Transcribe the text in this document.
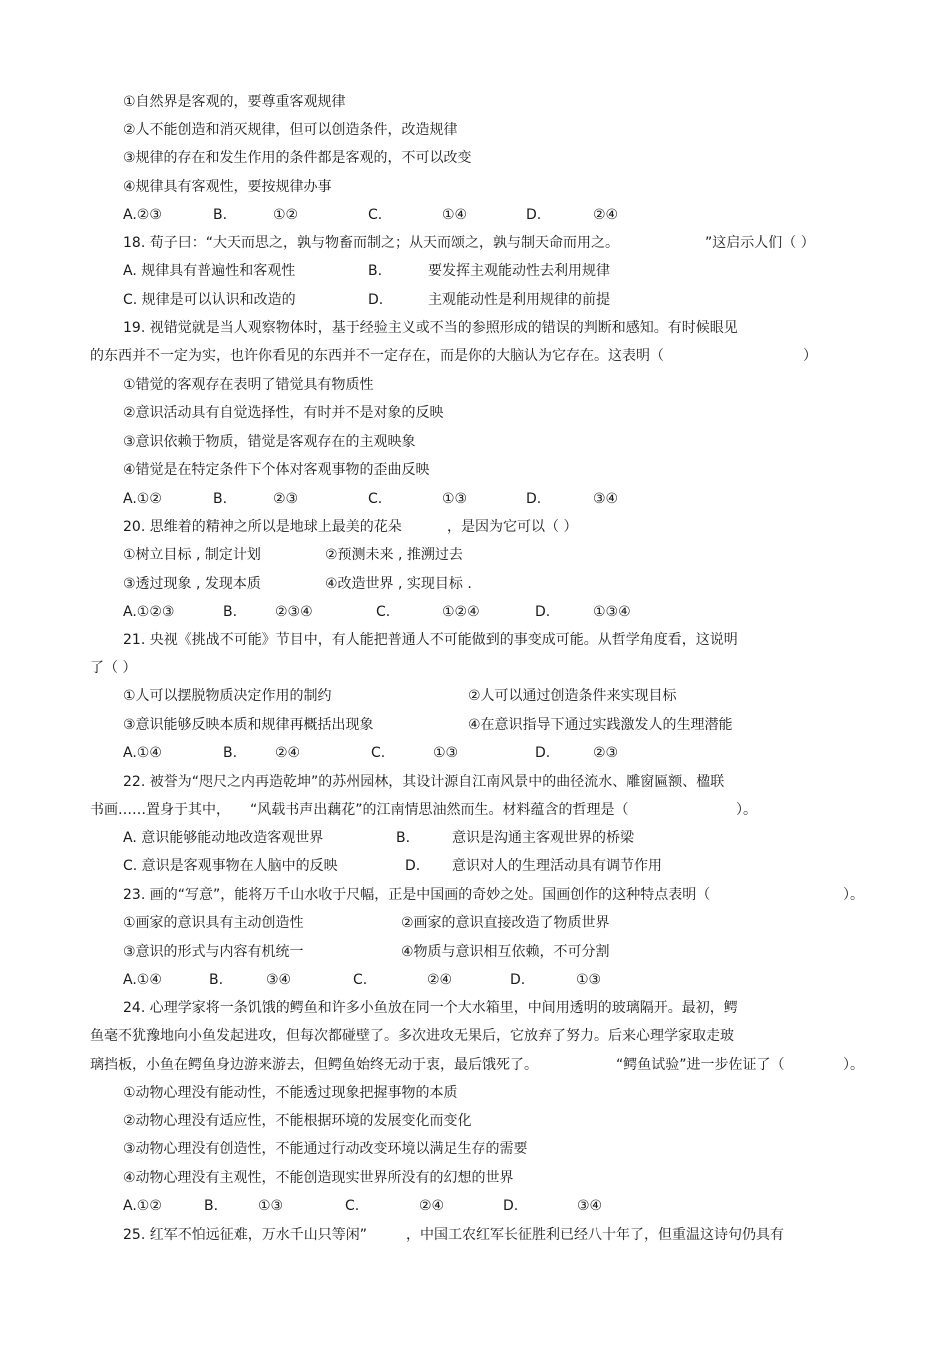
①自然界是客观的，要尊重客观规律
②人不能创造和消灭规律，但可以创造条件，改造规律
③规律的存在和发生作用的条件都是客观的，不可以改变
④规律具有客观性，要按规律办事
A.②③	B.	①②	C.	①④	D.	②④
18. 荀子曰：“大天而思之，孰与物畜而制之；从天而颂之，孰与制天命而用之。	”这启示人们（ ）
A. 规律具有普遍性和客观性	B.	要发挥主观能动性去利用规律
C. 规律是可以认识和改造的	D.	主观能动性是利用规律的前提
19. 视错觉就是当人观察物体时，基于经验主义或不当的参照形成的错误的判断和感知。有时候眼见
的东西并不一定为实，也许你看见的东西并不一定存在，而是你的大脑认为它存在。这表明（	）
①错觉的客观存在表明了错觉具有物质性
②意识活动具有自觉选择性，有时并不是对象的反映
③意识依赖于物质，错觉是客观存在的主观映象
④错觉是在特定条件下个体对客观事物的歪曲反映
A.①②	B.	②③	C.	①③	D.	③④
20. 思维着的精神之所以是地球上最美的花朵	，是因为它可以（ ）
①树立目标 , 制定计划	②预测未来 , 推溯过去
③透过现象 , 发现本质	④改造世界 , 实现目标 .
A.①②③	B.	②③④	C.	①②④	D.	①③④
21. 央视《挑战不可能》节目中，有人能把普通人不可能做到的事变成可能。从哲学角度看，这说明
了（ ）
①人可以摆脱物质决定作用的制约	②人可以通过创造条件来实现目标
③意识能够反映本质和规律再概括出现象	④在意识指导下通过实践激发人的生理潜能
A.①④	B.	②④	C.	①③	D.	②③
22. 被誉为“咫尺之内再造乾坤”的苏州园林，其设计源自江南风景中的曲径流水、雕窗匾额、楹联
书画……置身于其中， “风载书声出藕花”的江南情思油然而生。材料蕴含的哲理是（	）。
A. 意识能够能动地改造客观世界	B.	意识是沟通主客观世界的桥梁
C. 意识是客观事物在人脑中的反映	D. 意识对人的生理活动具有调节作用
23. 画的“写意”，能将万千山水收于尺幅，正是中国画的奇妙之处。国画创作的这种特点表明（	）。
①画家的意识具有主动创造性	②画家的意识直接改造了物质世界
③意识的形式与内容有机统一	④物质与意识相互依赖，不可分割
A.①④	B.	③④	C.	②④	D.	①③
24. 心理学家将一条饥饿的鳄鱼和许多小鱼放在同一个大水箱里，中间用透明的玻璃隔开。最初，鳄
鱼毫不犹豫地向小鱼发起进攻，但每次都碰壁了。多次进攻无果后，它放弃了努力。后来心理学家取走玻
璃挡板，小鱼在鳄鱼身边游来游去，但鳄鱼始终无动于衷，最后饿死了。	“鳄鱼试验”进一步佐证了（	）。
①动物心理没有能动性，不能透过现象把握事物的本质
②动物心理没有适应性，不能根据环境的发展变化而变化
③动物心理没有创造性，不能通过行动改变环境以满足生存的需要
④动物心理没有主观性，不能创造现实世界所没有的幻想的世界
A.①②	B.	①③	C.	②④	D.	③④
25. 红军不怕远征难，万水千山只等闲”	，中国工农红军长征胜利已经八十年了，但重温这诗句仍具有
